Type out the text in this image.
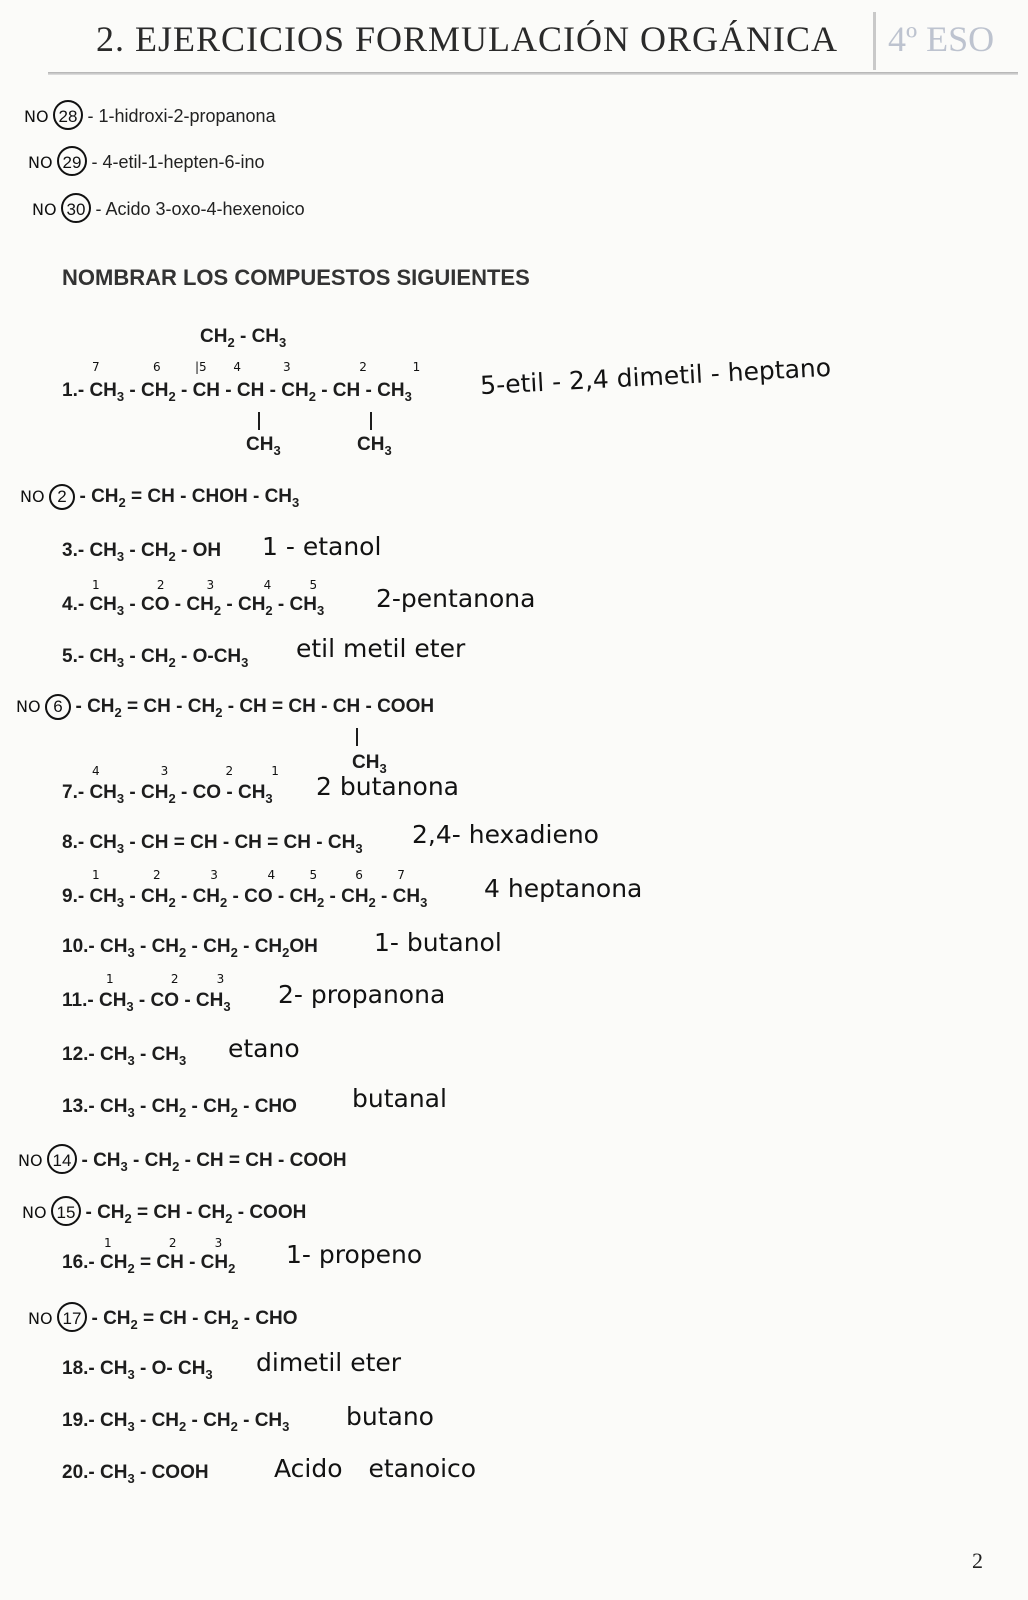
2. EJERCICIOS FORMULACIÓN ORGÁNICA 4º ESO
NO 28 - 1-hidroxi-2-propanona
NO 29 - 4-etil-1-hepten-6-ino
NO 30 - Acido 3-oxo-4-hexenoico
NOMBRAR LOS COMPUESTOS SIGUIENTES
$CH_2 - CH_3$
7              6         |5       4           3                  2            1
1.- $CH_3 - CH_2$ - CH - CH - $CH_2$ - CH - $CH_3$
$CH_3$	$CH_3$
5-etil - 2,4 dimetil - heptano
NO $2 - CH_2$ = CH - CHOH - $CH_3$
3.- $CH_3 - CH_2$ - OH 1 - etanol
1               2           3             4          5
4.- $CH_3$ - CO - $CH_2 - CH_2 - CH_3$ 2-pentanona
5.- $CH_3 - CH_2 - O-CH_3$ etil metil eter
NO $6 - CH_2$ = CH - $CH_2$ - CH = CH - CH - COOH
$CH_3$
4                3               2          1
7.- $CH_3 - CH_2$ - CO - $CH_3$ 2 butanona
8.- $CH_3$ - CH = CH - CH = CH - $CH_3$ 2,4- hexadieno
1              2             3             4         5          6         7
9.- $CH_3 - CH_2 - CH_2$ - CO - $CH_2 - CH_2 - CH_3$ 4 heptanona
10.- $CH_3 - CH_2 - CH_2 - CH_2OH$ 1- butanol
1               2          3
11.- $CH_3$ - CO - $CH_3$ 2- propanona
12.- $CH_3 - CH_3$ etano
13.- $CH_3 - CH_2 - CH_2$ - CHO butanal
NO $14 - CH_3 - CH_2$ - CH = CH - COOH
NO $15 - CH_2$ = CH - $CH_2$ - COOH
1               2          3
16.- $CH_2$ = CH - $CH_2$ 1- propeno
NO $17 - CH_2$ = CH - $CH_2$ - CHO
18.- $CH_3 - O-$ $CH_3$ dimetil eter
19.- $CH_3 - CH_2 - CH_2 - CH_3$ butano
20.- $CH_3$ - COOH	Acido etanoico
2
